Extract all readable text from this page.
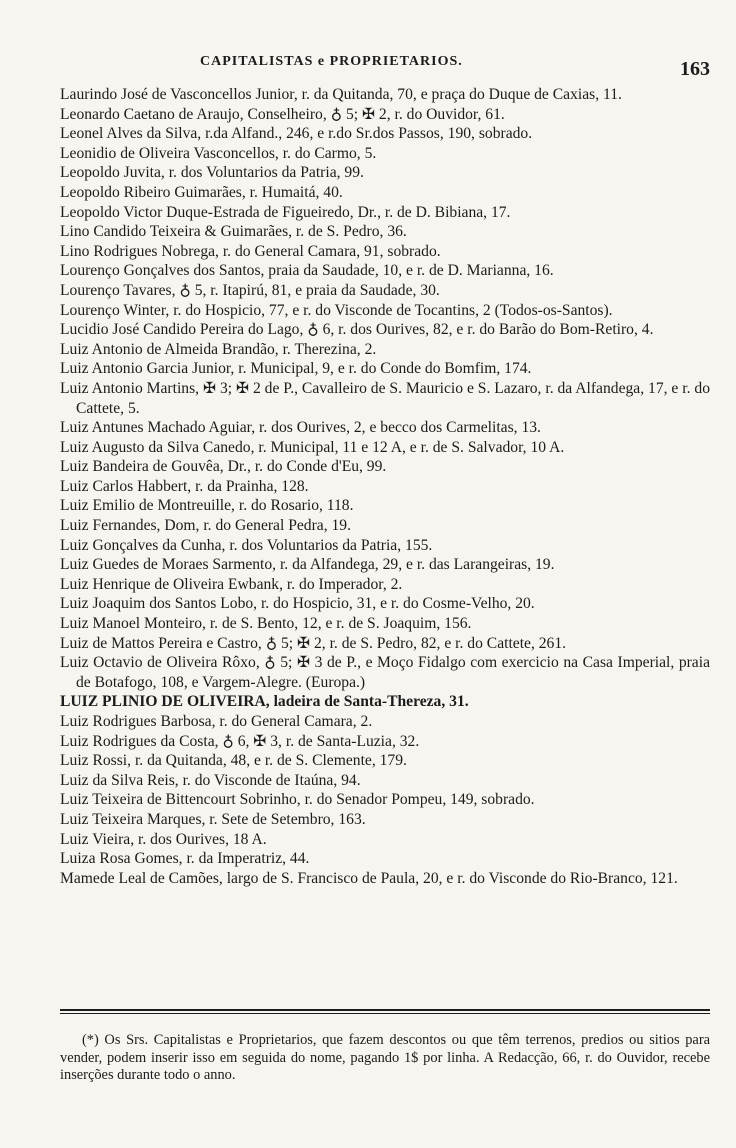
CAPITALISTAS e PROPRIETARIOS.	163

Laurindo José de Vasconcellos Junior, r. da Quitanda, 70, e praça do Duque de Caxias, 11.

Leonardo Caetano de Araujo, Conselheiro, ♁ 5; ✠ 2, r. do Ouvidor, 61.

Leonel Alves da Silva, r.da Alfand., 246, e r.do Sr.dos Passos, 190, sobrado.

Leonidio de Oliveira Vasconcellos, r. do Carmo, 5.

Leopoldo Juvita, r. dos Voluntarios da Patria, 99.

Leopoldo Ribeiro Guimarães, r. Humaitá, 40.

Leopoldo Victor Duque-Estrada de Figueiredo, Dr., r. de D. Bibiana, 17.

Lino Candido Teixeira & Guimarães, r. de S. Pedro, 36.

Lino Rodrigues Nobrega, r. do General Camara, 91, sobrado.

Lourenço Gonçalves dos Santos, praia da Saudade, 10, e r. de D. Marianna, 16.

Lourenço Tavares, ♁ 5, r. Itapirú, 81, e praia da Saudade, 30.

Lourenço Winter, r. do Hospicio, 77, e r. do Visconde de Tocantins, 2 (Todos-os-Santos).

Lucidio José Candido Pereira do Lago, ♁ 6, r. dos Ourives, 82, e r. do Barão do Bom-Retiro, 4.

Luiz Antonio de Almeida Brandão, r. Therezina, 2.

Luiz Antonio Garcia Junior, r. Municipal, 9, e r. do Conde do Bomfim, 174.

Luiz Antonio Martins, ✠ 3; ✠ 2 de P., Cavalleiro de S. Mauricio e S. Lazaro, r. da Alfandega, 17, e r. do Cattete, 5.

Luiz Antunes Machado Aguiar, r. dos Ourives, 2, e becco dos Carmelitas, 13.

Luiz Augusto da Silva Canedo, r. Municipal, 11 e 12 A, e r. de S. Salvador, 10 A.

Luiz Bandeira de Gouvêa, Dr., r. do Conde d'Eu, 99.

Luiz Carlos Habbert, r. da Prainha, 128.

Luiz Emilio de Montreuille, r. do Rosario, 118.

Luiz Fernandes, Dom, r. do General Pedra, 19.

Luiz Gonçalves da Cunha, r. dos Voluntarios da Patria, 155.

Luiz Guedes de Moraes Sarmento, r. da Alfandega, 29, e r. das Larangeiras, 19.

Luiz Henrique de Oliveira Ewbank, r. do Imperador, 2.

Luiz Joaquim dos Santos Lobo, r. do Hospicio, 31, e r. do Cosme-Velho, 20.

Luiz Manoel Monteiro, r. de S. Bento, 12, e r. de S. Joaquim, 156.

Luiz de Mattos Pereira e Castro, ♁ 5; ✠ 2, r. de S. Pedro, 82, e r. do Cattete, 261.

Luiz Octavio de Oliveira Rôxo, ♁ 5; ✠ 3 de P., e Moço Fidalgo com exercicio na Casa Imperial, praia de Botafogo, 108, e Vargem-Alegre. (Europa.)

LUIZ PLINIO DE OLIVEIRA, ladeira de Santa-Thereza, 31.

Luiz Rodrigues Barbosa, r. do General Camara, 2.

Luiz Rodrigues da Costa, ♁ 6, ✠ 3, r. de Santa-Luzia, 32.

Luiz Rossi, r. da Quitanda, 48, e r. de S. Clemente, 179.

Luiz da Silva Reis, r. do Visconde de Itaúna, 94.

Luiz Teixeira de Bittencourt Sobrinho, r. do Senador Pompeu, 149, sobrado.

Luiz Teixeira Marques, r. Sete de Setembro, 163.

Luiz Vieira, r. dos Ourives, 18 A.

Luiza Rosa Gomes, r. da Imperatriz, 44.

Mamede Leal de Camões, largo de S. Francisco de Paula, 20, e r. do Visconde do Rio-Branco, 121.

(*) Os Srs. Capitalistas e Proprietarios, que fazem descontos ou que têm terrenos, predios ou sitios para vender, podem inserir isso em seguida do nome, pagando 1$ por linha. A Redacção, 66, r. do Ouvidor, recebe inserções durante todo o anno.
